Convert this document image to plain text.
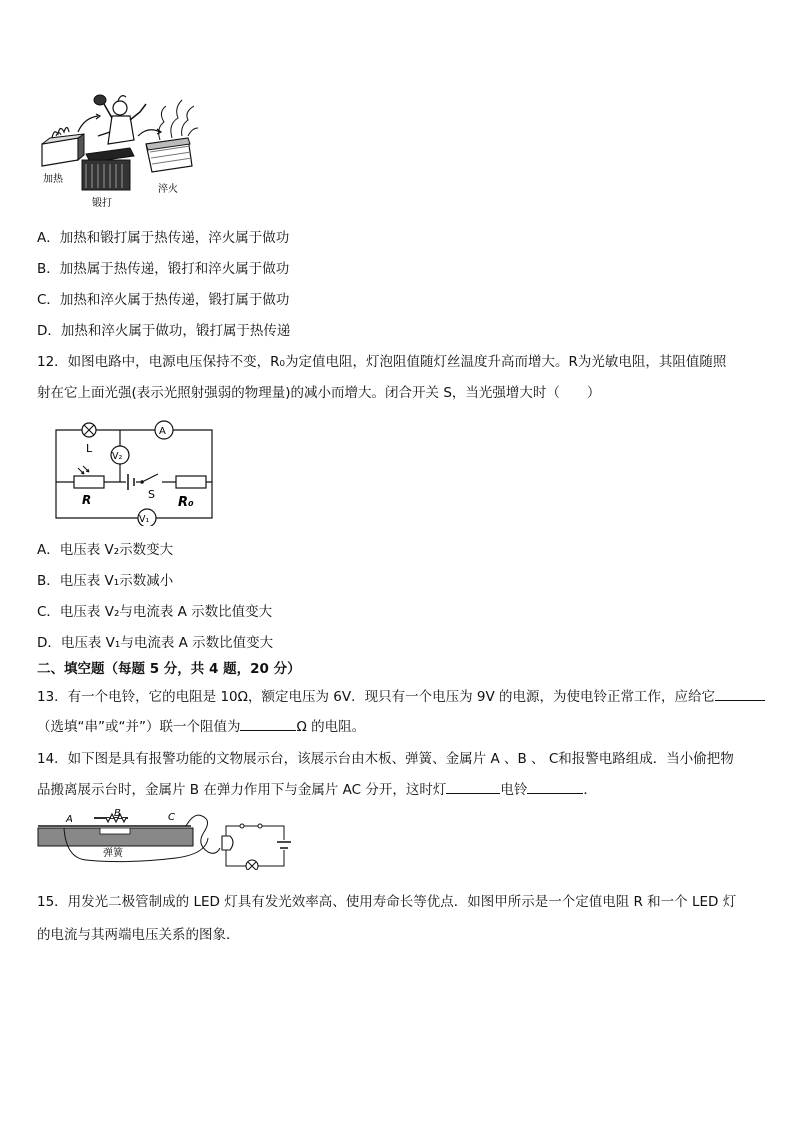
加热
锻打
淬火
A．加热和锻打属于热传递，淬火属于做功
B．加热属于热传递，锻打和淬火属于做功
C．加热和淬火属于热传递，锻打属于做功
D．加热和淬火属于做功，锻打属于热传递
12．如图电路中，电源电压保持不变，R₀为定值电阻，灯泡阻值随灯丝温度升高而增大。R为光敏电阻，其阻值随照
射在它上面光强(表示光照射强弱的物理量)的减小而增大。闭合开关 S，当光强增大时（　　）
L
A
V₂
R	S
R₀
V₁
A．电压表 V₂示数变大
B．电压表 V₁示数减小
C．电压表 V₂与电流表 A 示数比值变大
D．电压表 V₁与电流表 A 示数比值变大
二、填空题（每题 5 分，共 4 题，20 分）
13．有一个电铃，它的电阻是 10Ω，额定电压为 6V．现只有一个电压为 9V 的电源，为使电铃正常工作，应给它
（选填“串”或“并”）联一个阻值为	Ω 的电阻。
14．如下图是具有报警功能的文物展示台，该展示台由木板、弹簧、金属片 A 、B 、 C和报警电路组成．当小偷把物
品搬离展示台时，金属片 B 在弹力作用下与金属片 AC 分开，这时灯	电铃	．
A
B	C
弹簧
15．用发光二极管制成的 LED 灯具有发光效率高、使用寿命长等优点．如图甲所示是一个定值电阻 R 和一个 LED 灯
的电流与其两端电压关系的图象．
